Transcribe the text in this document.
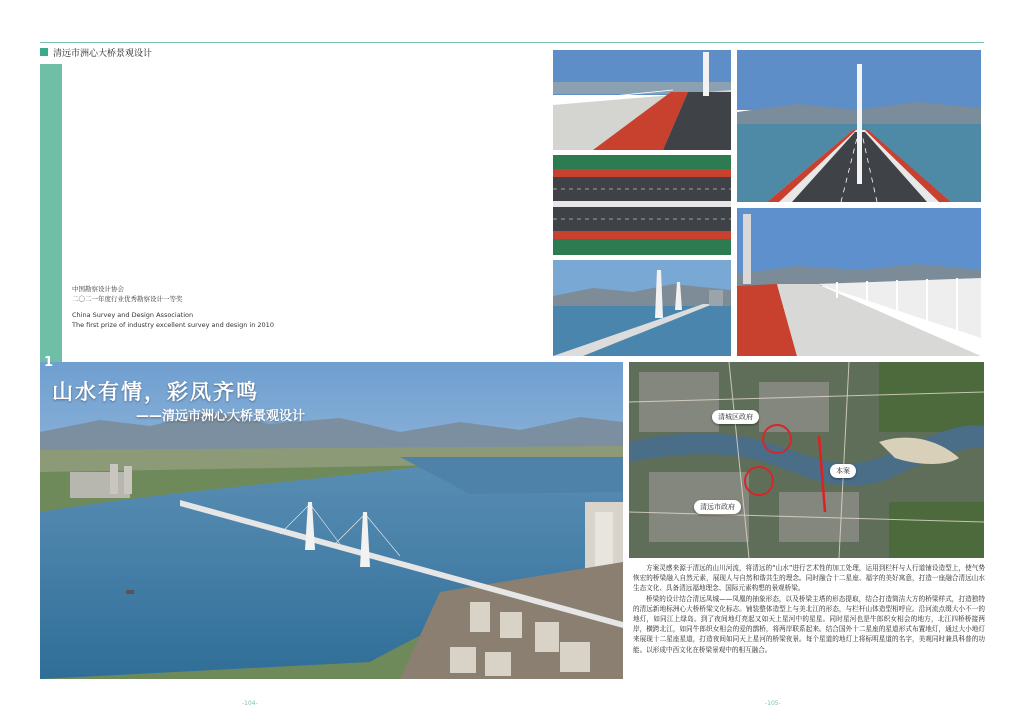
清远市洲心大桥景观设计
中国勘察设计协会
二〇二一年度行业优秀勘察设计一等奖
China Survey and Design Association
The first prize of industry excellent survey and design in 2010
1
山水有情，彩凤齐鸣
——清远市洲心大桥景观设计	清城区政府
本案
清远市政府

方案灵感来源于清远的山川河流，将清远的“山水”进行艺术性的加工处理，运用到栏杆与人行道铺设造型上，使气势恢宏的桥梁融入自然元素，展现人与自然和谐共生的理念。同时融合十二星座、福字的美好寓意，打造一座融合清远山水生态文化、具备清远福地理念、国际元素构想的景观桥梁。

桥梁的设计结合清远凤城——凤凰的抽象形态，以及桥梁主塔的形态提取，结合打造简洁大方的桥梁样式，打造独特的清远新地标洲心大桥桥梁文化标志。铺装整体造型上与美北江的形态，与栏杆山体造型相呼应。沿河流点缀大小不一的地灯，如同江上绿岛。到了夜间地灯亮起又如天上星河中的星星。同时星河也是牛郎织女相会的地方，北江四桥桥接两岸，横跨北江，如同牛郎织女相会的爱的鹊桥，将两岸联系起来。结合国外十二星座的星道形式布置地灯，通过大小地灯来展现十二星座星道，打造夜间如同天上星河的桥梁夜景。每个星道的地灯上将标明星道的名字，美观同时兼具科普的功能。以形成中西文化在桥梁景观中的相互融合。

-104-	-105-
